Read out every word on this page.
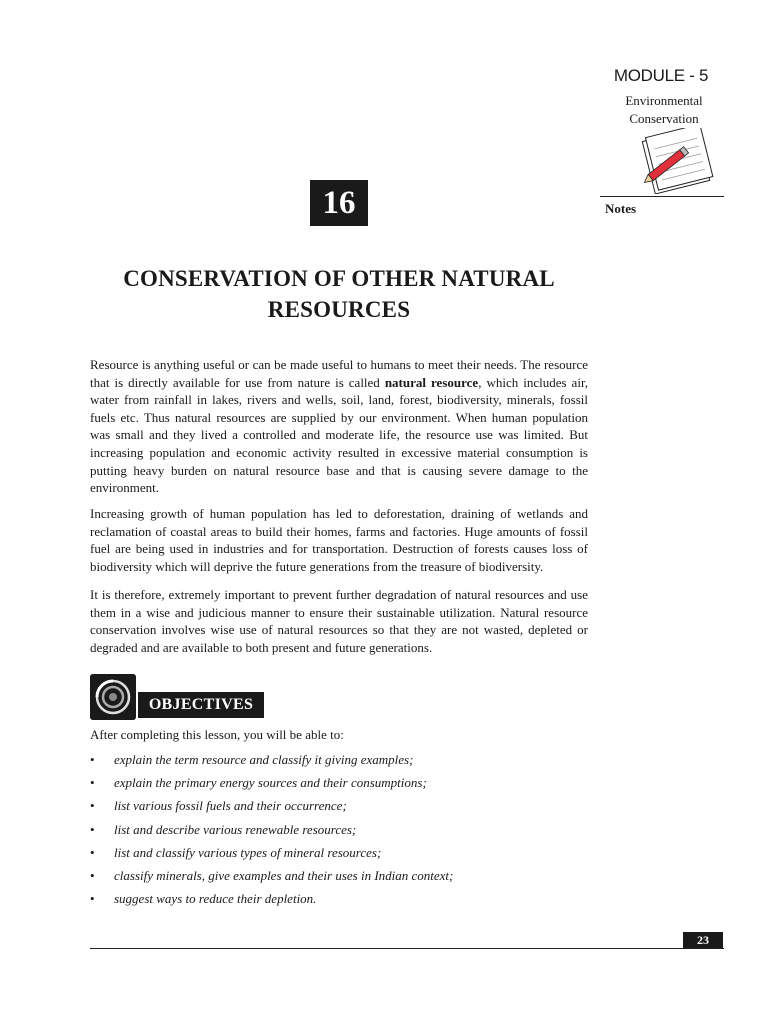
MODULE - 5
Environmental
Conservation
Notes
16
CONSERVATION OF OTHER NATURAL
RESOURCES

Resource is anything useful or can be made useful to humans to meet their needs. The resource that is directly available for use from nature is called natural resource, which includes air, water from rainfall in lakes, rivers and wells, soil, land, forest, biodiversity, minerals, fossil fuels etc. Thus natural resources are supplied by our environment. When human population was small and they lived a controlled and moderate life, the resource use was limited. But increasing population and economic activity resulted in excessive material consumption is putting heavy burden on natural resource base and that is causing severe damage to the environment.

Increasing growth of human population has led to deforestation, draining of wetlands and reclamation of coastal areas to build their homes, farms and factories. Huge amounts of fossil fuel are being used in industries and for transportation. Destruction of forests causes loss of biodiversity which will deprive the future generations from the treasure of biodiversity.

It is therefore, extremely important to prevent further degradation of natural resources and use them in a wise and judicious manner to ensure their sustainable utilization. Natural resource conservation involves wise use of natural resources so that they are not wasted, depleted or degraded and are available to both present and future generations.

OBJECTIVES
After completing this lesson, you will be able to:
• explain the term resource and classify it giving examples;
• explain the primary energy sources and their consumptions;
• list various fossil fuels and their occurrence;
• list and describe various renewable resources;
• list and classify various types of mineral resources;
• classify minerals, give examples and their uses in Indian context;
• suggest ways to reduce their depletion.
23
